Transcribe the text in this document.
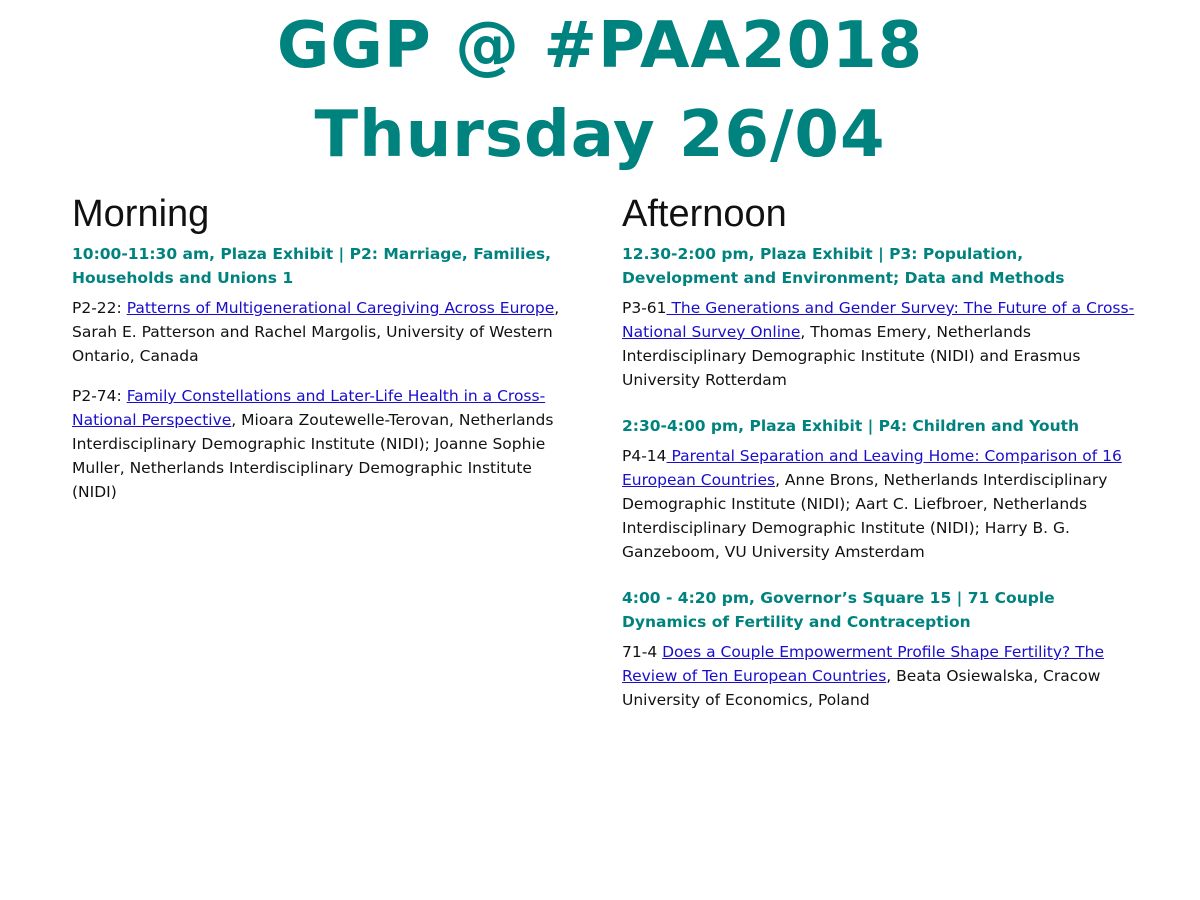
GGP @ #PAA2018
Thursday 26/04
Morning
10:00-11:30 am, Plaza Exhibit | P2: Marriage, Families, Households and Unions 1

P2-22: Patterns of Multigenerational Caregiving Across Europe, Sarah E. Patterson and Rachel Margolis, University of Western Ontario, Canada

P2-74: Family Constellations and Later-Life Health in a Cross-National Perspective, Mioara Zoutewelle-Terovan, Netherlands Interdisciplinary Demographic Institute (NIDI); Joanne Sophie Muller, Netherlands Interdisciplinary Demographic Institute (NIDI)

Afternoon
12.30-2:00 pm, Plaza Exhibit | P3: Population, Development and Environment; Data and Methods

P3-61 The Generations and Gender Survey: The Future of a Cross-National Survey Online, Thomas Emery, Netherlands Interdisciplinary Demographic Institute (NIDI) and Erasmus University Rotterdam

2:30-4:00 pm, Plaza Exhibit | P4: Children and Youth

P4-14 Parental Separation and Leaving Home: Comparison of 16 European Countries, Anne Brons, Netherlands Interdisciplinary Demographic Institute (NIDI); Aart C. Liefbroer, Netherlands Interdisciplinary Demographic Institute (NIDI); Harry B. G. Ganzeboom, VU University Amsterdam

4:00 - 4:20 pm, Governor’s Square 15 | 71 Couple Dynamics of Fertility and Contraception

71-4 Does a Couple Empowerment Profile Shape Fertility? The Review of Ten European Countries, Beata Osiewalska, Cracow University of Economics, Poland
